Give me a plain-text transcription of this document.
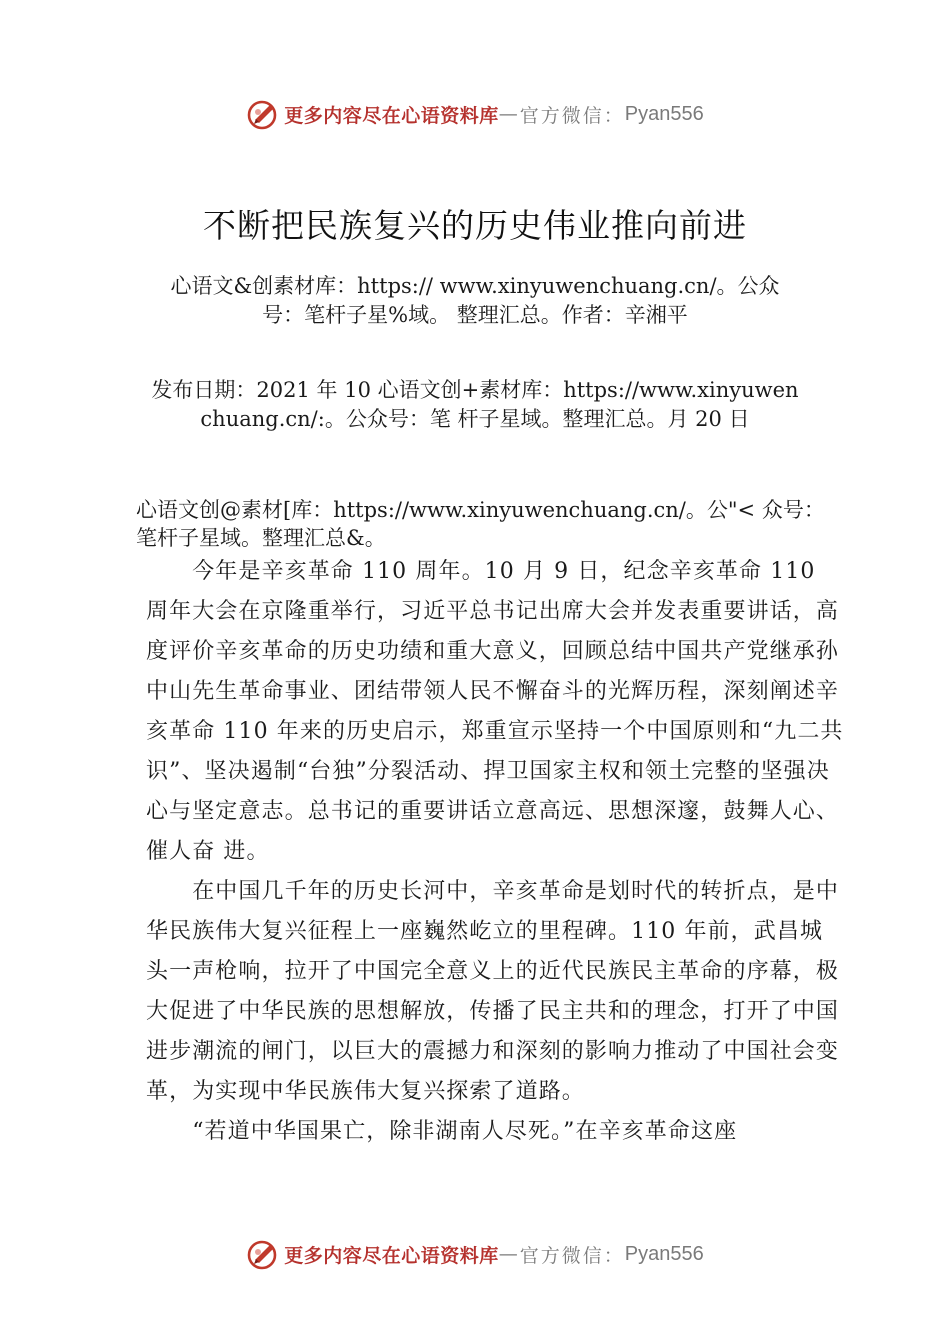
更多内容尽在心语资料库 — 官方微信： Pyan556
不断把民族复兴的历史伟业推向前进
心语文&创素材库：https:// www.xinyuwenchuang.cn/。公众号：笔杆子星%域。 整理汇总。作者：辛湘平
发布日期：2021 年 10 心语文创+素材库：https://www.xinyuwenchuang.cn/:。公众号：笔 杆子星域。整理汇总。月 20 日
心语文创@素材[库：https://www.xinyuwenchuang.cn/。公"< 众号：笔杆子星域。整理汇总&。

今年是辛亥革命 110 周年。10 月 9 日，纪念辛亥革命 110 周年大会在京隆重举行，习近平总书记出席大会并发表重要讲话，高度评价辛亥革命的历史功绩和重大意义，回顾总结中国共产党继承孙中山先生革命事业、团结带领人民不懈奋斗的光辉历程，深刻阐述辛亥革命 110 年来的历史启示，郑重宣示坚持一个中国原则和“九二共识”、坚决遏制“台独”分裂活动、捍卫国家主权和领土完整的坚强决心与坚定意志。总书记的重要讲话立意高远、思想深邃，鼓舞人心、催人奋 进。

在中国几千年的历史长河中，辛亥革命是划时代的转折点，是中华民族伟大复兴征程上一座巍然屹立的里程碑。110 年前，武昌城头一声枪响，拉开了中国完全意义上的近代民族民主革命的序幕，极大促进了中华民族的思想解放，传播了民主共和的理念，打开了中国进步潮流的闸门，以巨大的震撼力和深刻的影响力推动了中国社会变革，为实现中华民族伟大复兴探索了道路。

“若道中华国果亡，除非湖南人尽死。”在辛亥革命这座

更多内容尽在心语资料库 — 官方微信： Pyan556
